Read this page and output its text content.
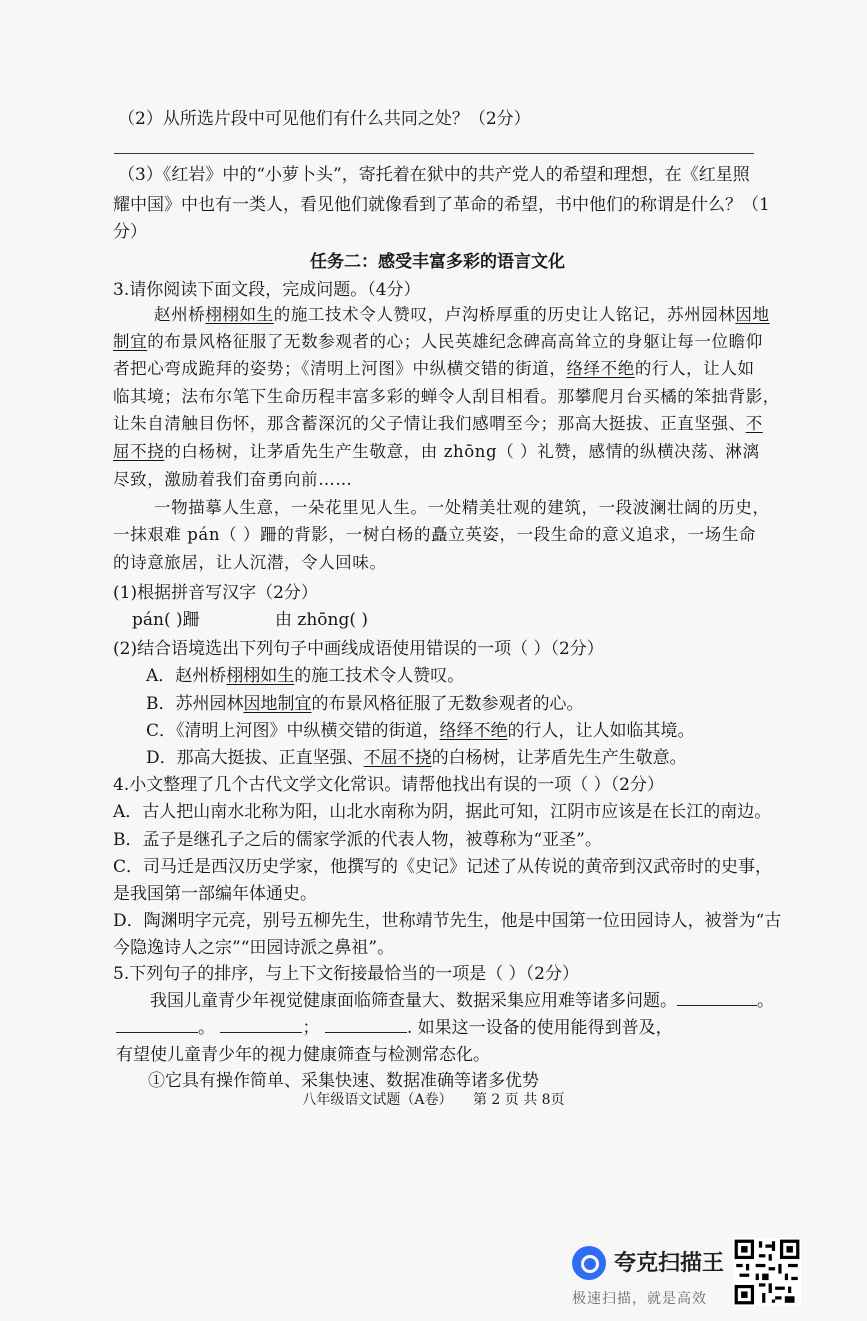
（2）从所选片段中可见他们有什么共同之处？（2分）
（3）《红岩》中的“小萝卜头”，寄托着在狱中的共产党人的希望和理想，在《红星照
耀中国》中也有一类人，看见他们就像看到了革命的希望，书中他们的称谓是什么？（1
分）
任务二：感受丰富多彩的语言文化
3.请你阅读下面文段，完成问题。（4分）
赵州桥栩栩如生的施工技术令人赞叹，卢沟桥厚重的历史让人铭记，苏州园林因地
制宜的布景风格征服了无数参观者的心；人民英雄纪念碑高高耸立的身躯让每一位瞻仰
者把心弯成跪拜的姿势；《清明上河图》中纵横交错的街道，络绎不绝的行人，让人如
临其境；法布尔笔下生命历程丰富多彩的蝉令人刮目相看。那攀爬月台买橘的笨拙背影，
让朱自清触目伤怀，那含蓄深沉的父子情让我们感喟至今；那高大挺拔、正直坚强、不
屈不挠的白杨树，让茅盾先生产生敬意，由 zhōng（ ）礼赞，感情的纵横决荡、淋漓
尽致，激励着我们奋勇向前……
一物描摹人生意，一朵花里见人生。一处精美壮观的建筑，一段波澜壮阔的历史，
一抹艰难 pán（ ）跚的背影，一树白杨的矗立英姿，一段生命的意义追求，一场生命
的诗意旅居，让人沉潜，令人回味。
(1)根据拼音写汉字（2分）
pán( )跚	由 zhōng( )
(2)结合语境选出下列句子中画线成语使用错误的一项（ ）（2分）
A．赵州桥栩栩如生的施工技术令人赞叹。
B．苏州园林因地制宜的布景风格征服了无数参观者的心。
C．《清明上河图》中纵横交错的街道，络绎不绝的行人，让人如临其境。
D．那高大挺拔、正直坚强、不屈不挠的白杨树，让茅盾先生产生敬意。
4.小文整理了几个古代文学文化常识。请帮他找出有误的一项（ ）（2分）
A．古人把山南水北称为阳，山北水南称为阴，据此可知，江阴市应该是在长江的南边。
B．孟子是继孔子之后的儒家学派的代表人物，被尊称为“亚圣”。
C．司马迁是西汉历史学家，他撰写的《史记》记述了从传说的黄帝到汉武帝时的史事，
是我国第一部编年体通史。
D．陶渊明字元亮，别号五柳先生，世称靖节先生，他是中国第一位田园诗人，被誉为“古
今隐逸诗人之宗”“田园诗派之鼻祖”。
5.下列句子的排序，与上下文衔接最恰当的一项是（ ）（2分）
我国儿童青少年视觉健康面临筛查量大、数据采集应用难等诸多问题。	。
。	；	. 如果这一设备的使用能得到普及，
有望使儿童青少年的视力健康筛查与检测常态化。
①它具有操作简单、采集快速、数据准确等诸多优势
八年级语文试题（A卷） 第 2 页 共 8页
夸克扫描王
极速扫描，就是高效
